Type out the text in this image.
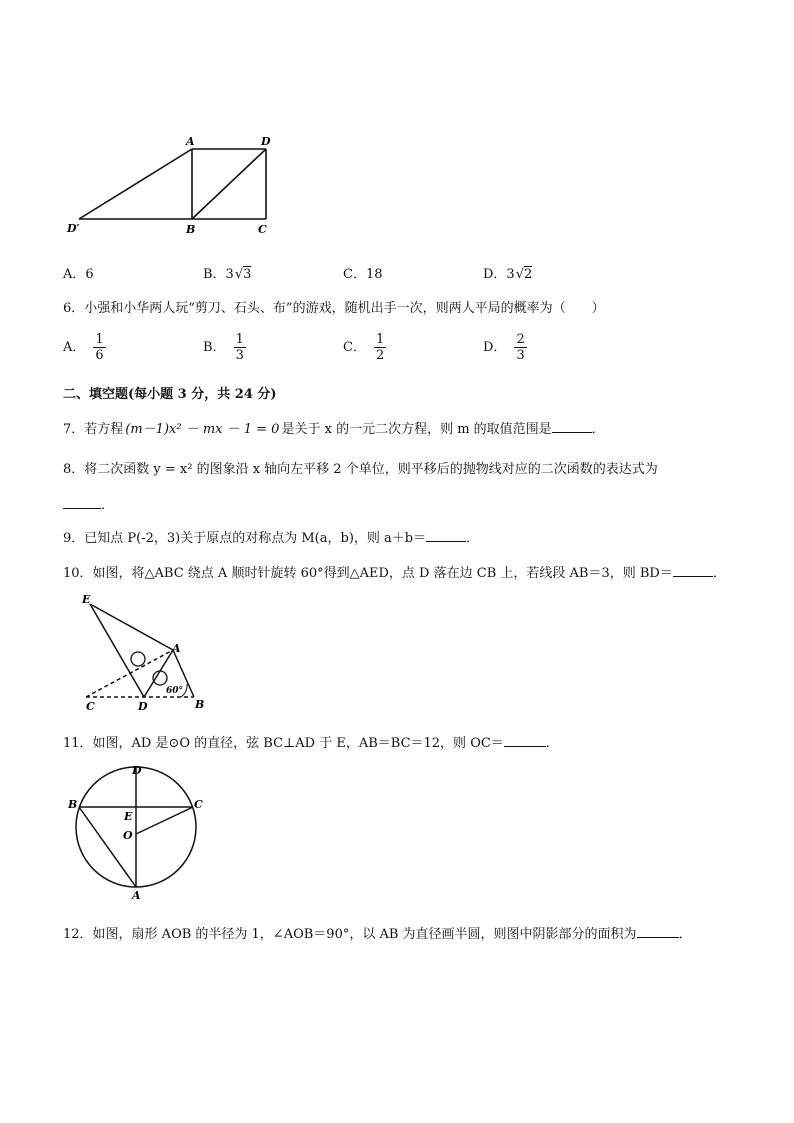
A	D
D′	B	C
A．6	B．3√3	C．18	D．3√2
6．小强和小华两人玩“剪刀、石头、布”的游戏，随机出手一次，则两人平局的概率为（　　）
A． $\frac{1}{6}$	B． $\frac{1}{3}$	C． $\frac{1}{2}$	D． $\frac{2}{3}$
二、填空题(每小题 3 分，共 24 分)
7．若方程 (m－1)x² － mx － 1 = 0 是关于 x 的一元二次方程，则 m 的取值范围是	．
8．将二次函数 y = x² 的图象沿 x 轴向左平移 2 个单位，则平移后的抛物线对应的二次函数的表达式为
．
9．已知点 P(-2，3)关于原点的对称点为 M(a，b)，则 a＋b＝	．
10．如图，将△ABC 绕点 A 顺时针旋转 60°得到△AED，点 D 落在边 CB 上，若线段 AB＝3，则 BD＝	．
E
A
60°
C	D	B
11．如图，AD 是⊙O 的直径，弦 BC⊥AD 于 E，AB＝BC＝12，则 OC＝	．
D
B	C
E
O
A
12．如图，扇形 AOB 的半径为 1，∠AOB＝90°，以 AB 为直径画半圆，则图中阴影部分的面积为	．
